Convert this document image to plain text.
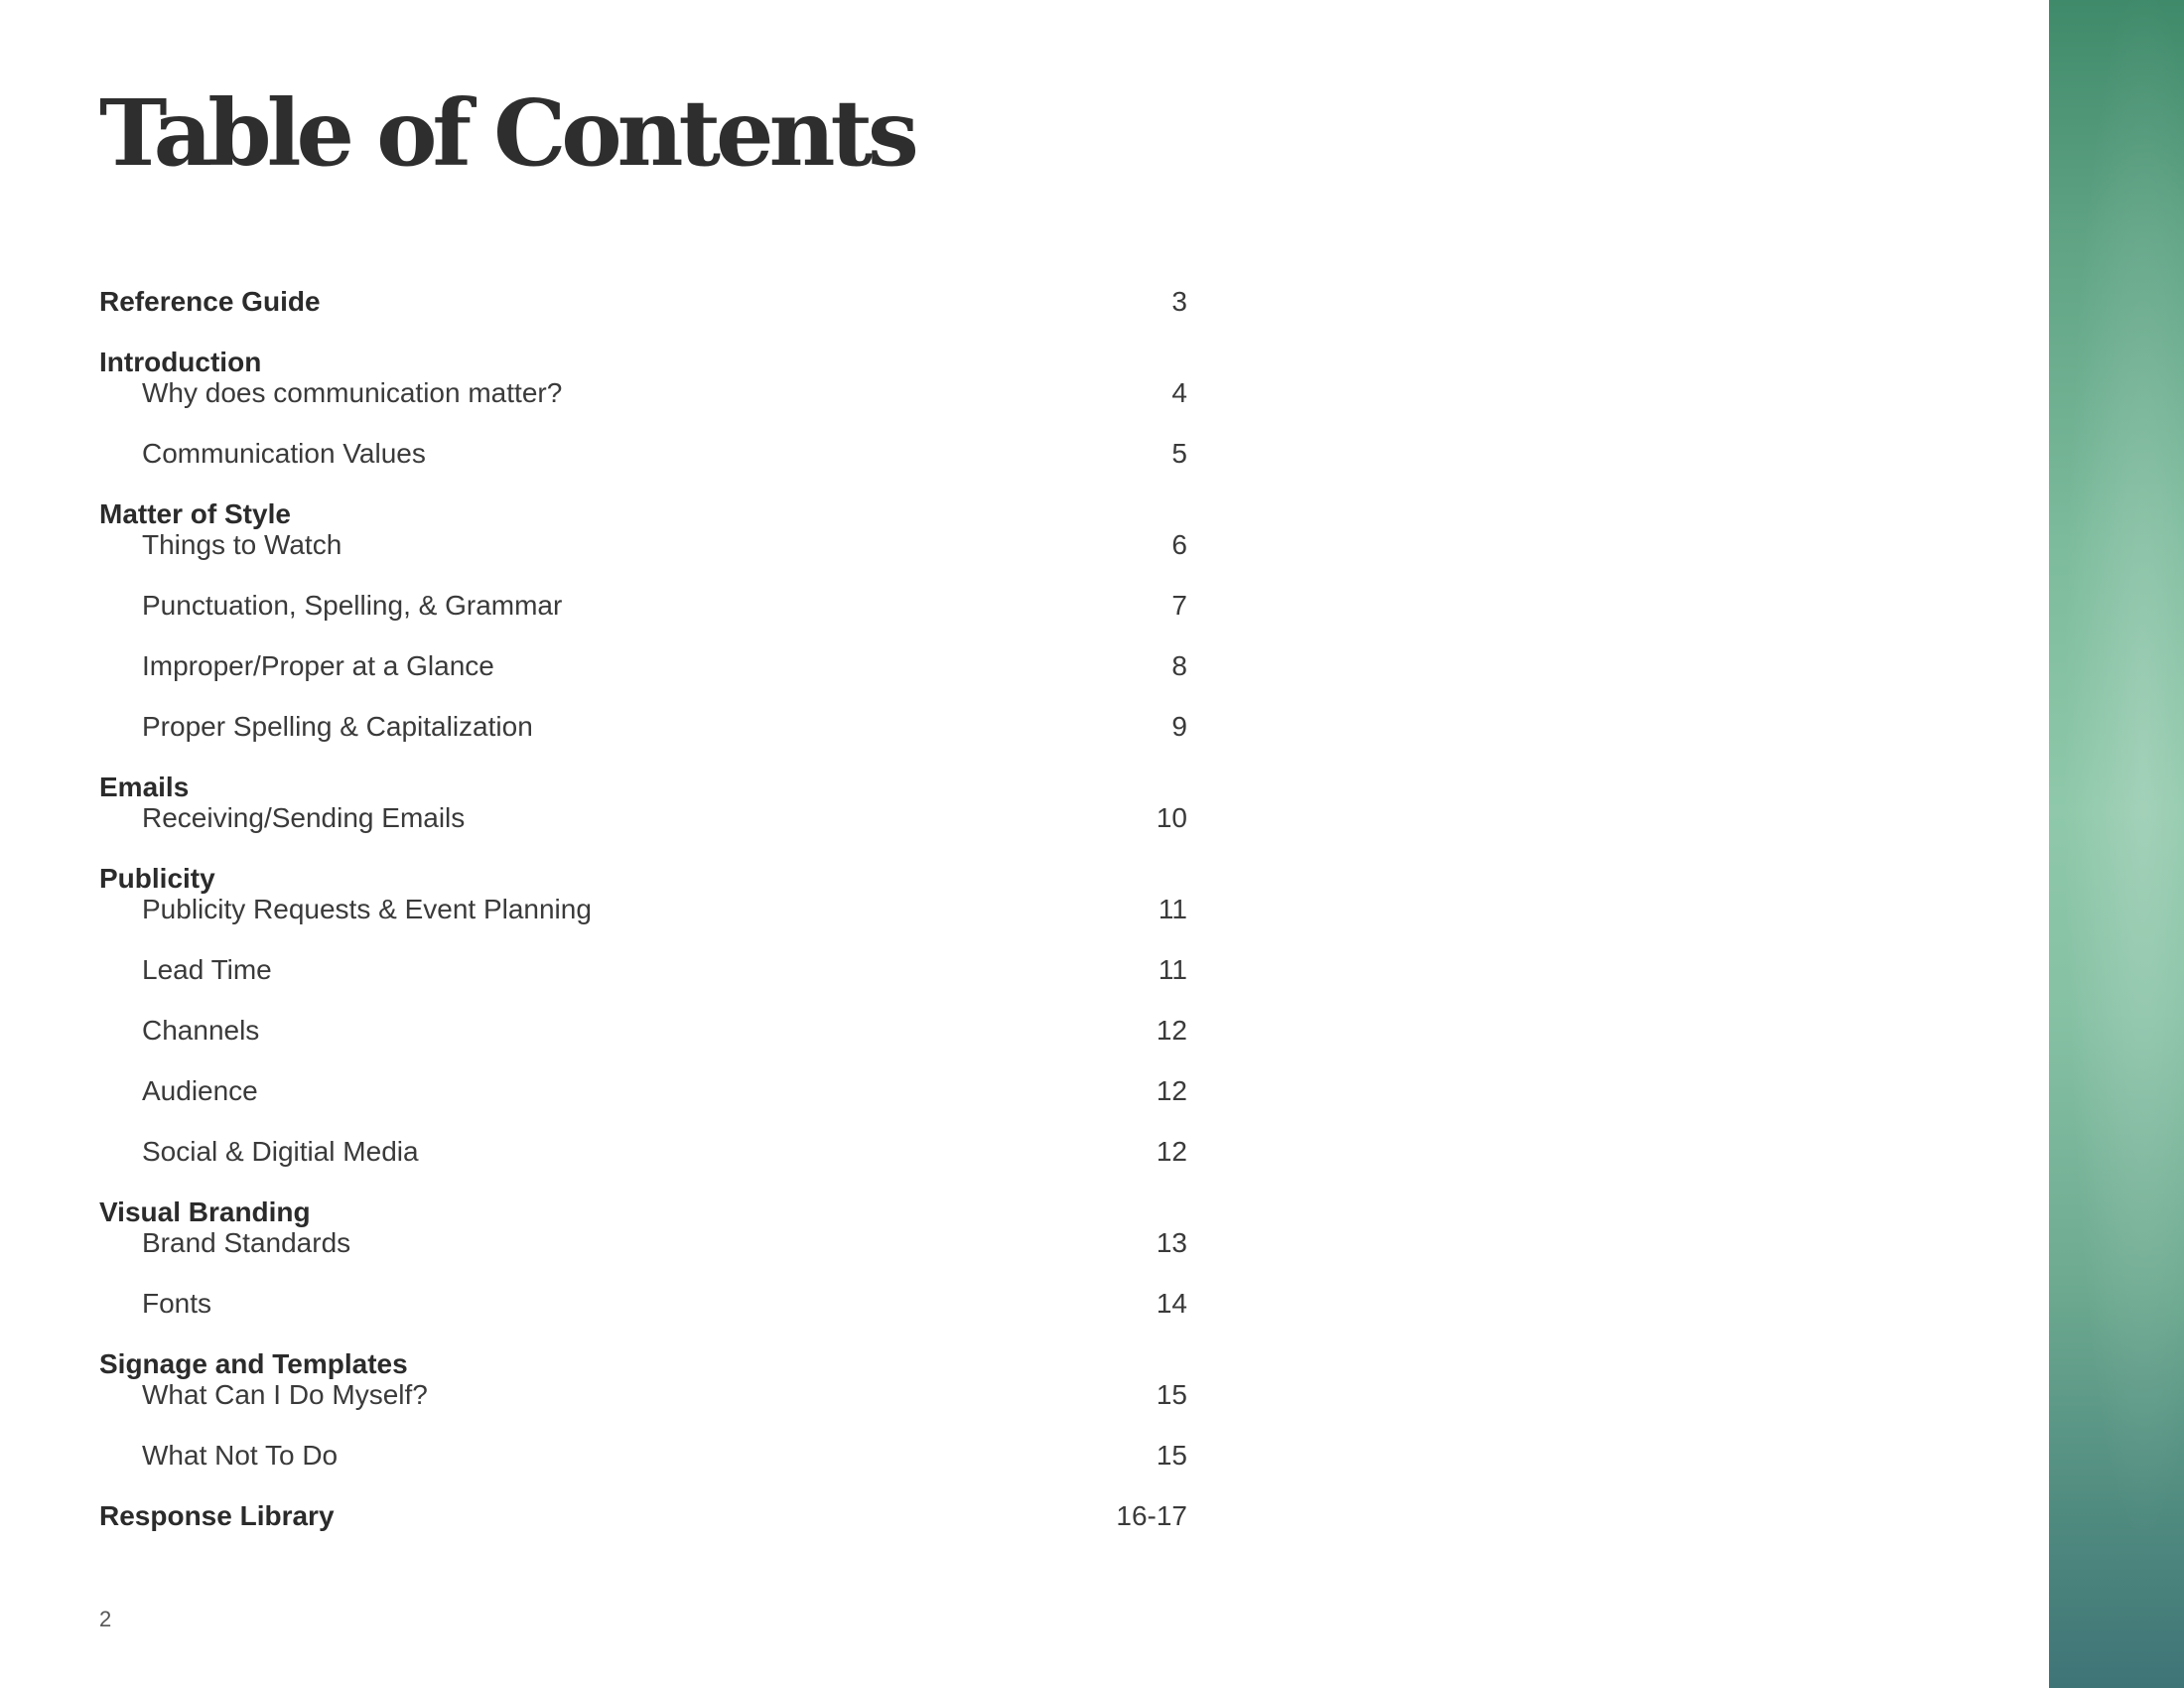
Table of Contents
Reference Guide	3
Introduction
Why does communication matter?	4
Communication Values	5
Matter of Style
Things to Watch	6
Punctuation, Spelling, & Grammar	7
Improper/Proper at a Glance	8
Proper Spelling & Capitalization	9
Emails
Receiving/Sending Emails	10
Publicity
Publicity Requests & Event Planning	11
Lead Time	11
Channels	12
Audience	12
Social & Digitial Media	12
Visual Branding
Brand Standards	13
Fonts	14
Signage and Templates
What Can I Do Myself?	15
What Not To Do	15
Response Library	16-17
2
